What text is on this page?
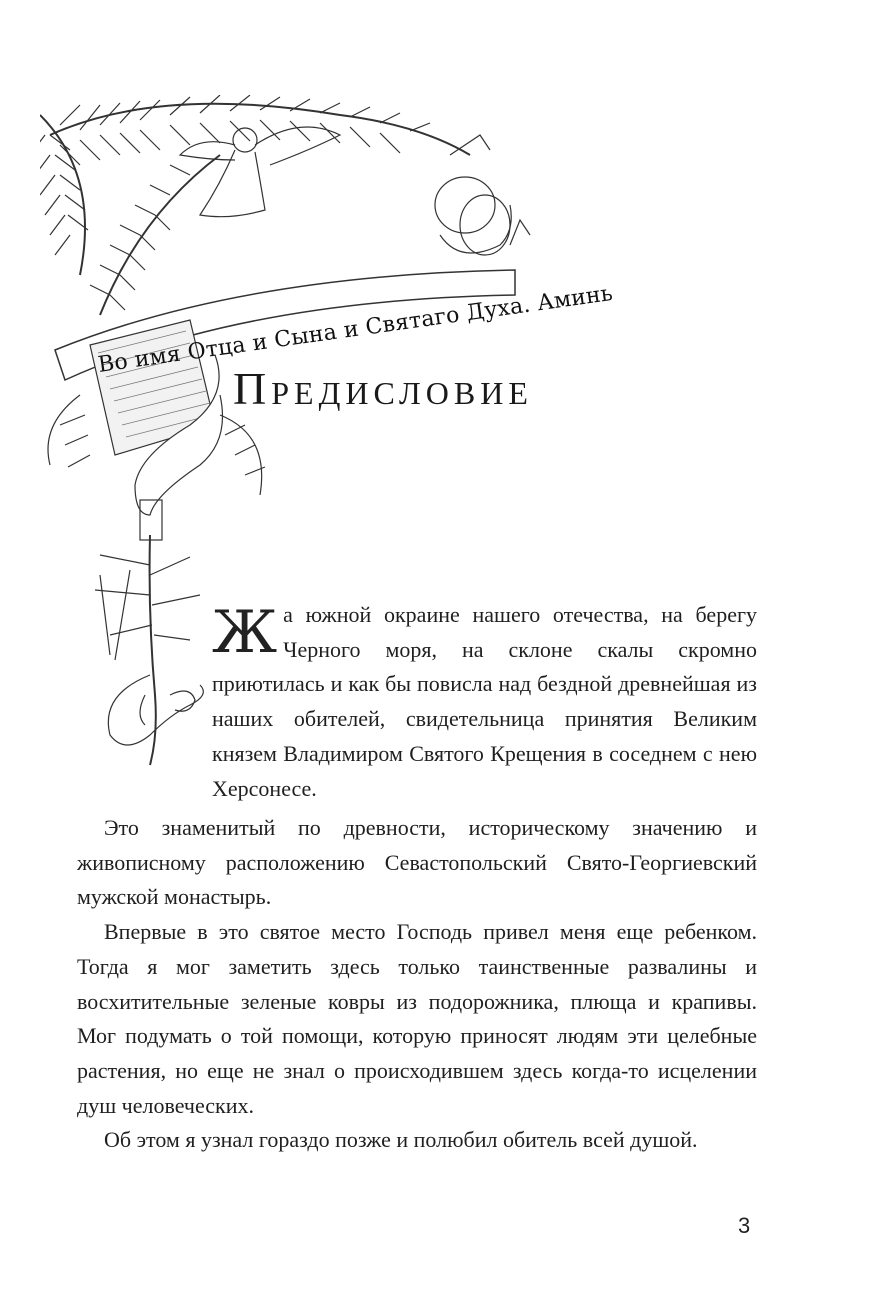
Во имя Отца и Сына и Святаго Духа. Аминь
Предисловие
Ж а южной окраине нашего отечества, на берегу Черного моря, на склоне скалы скромно приютилась и как бы повисла над бездной древнейшая из наших обителей, свидетельница принятия Великим князем Владимиром Святого Крещения в соседнем с нею Херсонесе.

Это знаменитый по древности, историческому значению и живописному расположению Севастопольский Свято-Георгиевский мужской монастырь.

Впервые в это святое место Господь привел меня еще ребенком. Тогда я мог заметить здесь только таинственные развалины и восхитительные зеленые ковры из подорожника, плюща и крапивы. Мог подумать о той помощи, которую приносят людям эти целебные растения, но еще не знал о происходившем здесь когда-то исцелении душ человеческих.

Об этом я узнал гораздо позже и полюбил обитель всей душой.

3
